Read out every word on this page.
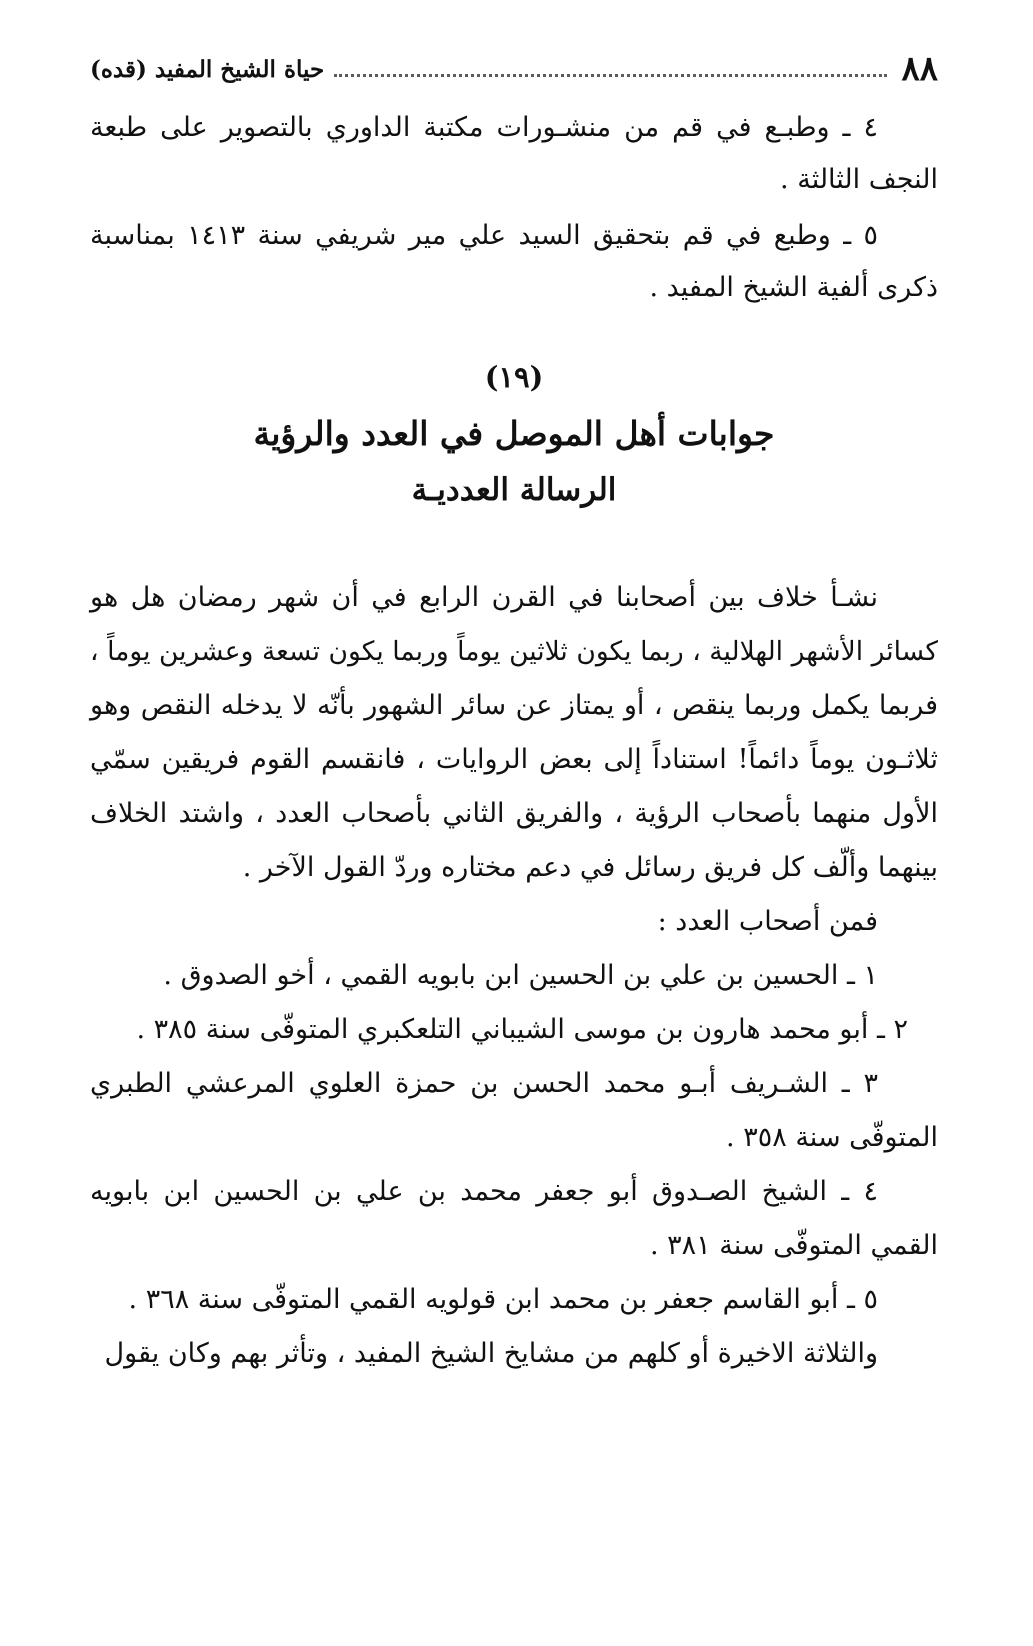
٨٨
حياة الشيخ المفيد (قده)

٤ ـ وطبـع في قم من منشـورات مكتبة الداوري بالتصوير على طبعة

النجف الثالثة .

٥ ـ وطبع في قم بتحقيق السيد علي مير شريفي سنة ١٤١٣ بمناسبة

ذكرى ألفية الشيخ المفيد .

(١٩)

جوابات أهل الموصل في العدد والرؤية

الرسالة العدديـة

نشـأ خلاف بين أصحابنا في القرن الرابع في أن شهر رمضان هل هو

كسائر الأشهر الهلالية ، ربما يكون ثلاثين يوماً وربما يكون تسعة وعشرين يوماً ،

فربما يكمل وربما ينقص ، أو يمتاز عن سائر الشهور بأنّه لا يدخله النقص وهو

ثلاثـون يوماً دائماً! استناداً إلى بعض الروايات ، فانقسم القوم فريقين سمّي

الأول منهما بأصحاب الرؤية ، والفريق الثاني بأصحاب العدد ، واشتد الخلاف

بينهما وألّف كل فريق رسائل في دعم مختاره وردّ القول الآخر .

فمن أصحاب العدد :

١ ـ الحسين بن علي بن الحسين ابن بابويه القمي ، أخو الصدوق .

٢ ـ أبو محمد هارون بن موسى الشيباني التلعكبري المتوفّى سنة ٣٨٥ .

٣ ـ الشـريف أبـو محمد الحسن بن حمزة العلوي المرعشي الطبري

المتوفّى سنة ٣٥٨ .

٤ ـ الشيخ الصـدوق أبو جعفر محمد بن علي بن الحسين ابن بابويه

القمي المتوفّى سنة ٣٨١ .

٥ ـ أبو القاسم جعفر بن محمد ابن قولويه القمي المتوفّى سنة ٣٦٨ .

والثلاثة الاخيرة أو كلهم من مشايخ الشيخ المفيد ، وتأثر بهم وكان يقول
